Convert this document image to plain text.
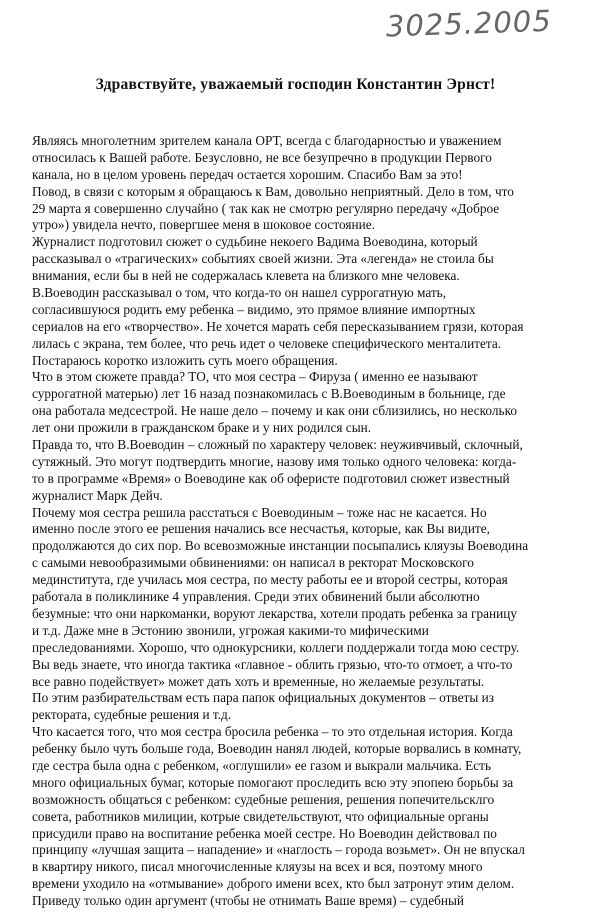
3025.2005
Здравствуйте, уважаемый господин Константин Эрнст!
Являясь многолетним зрителем канала ОРТ, всегда с благодарностью и уважением
относилась к Вашей работе. Безусловно, не все безупречно в продукции Первого
канала, но в целом уровень передач остается хорошим. Спасибо Вам за это!
Повод, в связи с которым я обращаюсь к Вам, довольно неприятный. Дело в том, что
29 марта я совершенно случайно ( так как не смотрю регулярно передачу «Доброе
утро») увидела нечто, повергшее меня в шоковое состояние.
Журналист подготовил сюжет о судьбине некоего Вадима Воеводина, который
рассказывал о «трагических» событиях своей жизни. Эта «легенда» не стоила бы
внимания, если бы в ней не содержалась клевета на близкого мне человека.
В.Воеводин рассказывал о том, что когда-то он нашел суррогатную мать,
согласившуюся родить ему ребенка – видимо, это прямое влияние импортных
сериалов на его «творчество». Не хочется марать себя пересказыванием грязи, которая
лилась с экрана, тем более, что речь идет о человеке специфического менталитета.
Постараюсь коротко изложить суть моего обращения.
Что в этом сюжете правда? ТО, что моя сестра – Фируза ( именно ее называют
суррогатной матерью) лет 16 назад познакомилась с В.Воеводиным в больнице, где
она работала медсестрой. Не наше дело – почему и как они сблизились, но несколько
лет они прожили в гражданском браке и у них родился сын.
Правда то, что В.Воеводин – сложный по характеру человек: неуживчивый, склочный,
сутяжный. Это могут подтвердить многие, назову имя только одного человека: когда-
то в программе «Время» о Воеводине как об оферисте подготовил сюжет известный
журналист Марк Дейч.
Почему моя сестра решила расстаться с Воеводиным – тоже нас не касается. Но
именно после этого ее решения начались все несчастья, которые, как Вы видите,
продолжаются до сих пор. Во всевозможные инстанции посыпались кляузы Воеводина
с самыми невообразимыми обвинениями: он написал в ректорат Московского
мединститута, где училась моя сестра, по месту работы ее и второй сестры, которая
работала в поликлинике 4 управления. Среди этих обвинений были абсолютно
безумные: что они наркоманки, воруют лекарства, хотели продать ребенка за границу
и т.д. Даже мне в Эстонию звонили, угрожая какими-то мифическими
преследованиями. Хорошо, что однокурсники, коллеги поддержали тогда мою сестру.
Вы ведь знаете, что иногда тактика «главное - облить грязью, что-то отмоет, а что-то
все равно подействует» может дать хоть и временные, но желаемые результаты.
По этим разбирательствам есть пара папок официальных документов – ответы из
ректората, судебные решения и т.д.
Что касается того, что моя сестра бросила ребенка – то это отдельная история. Когда
ребенку было чуть больше года, Воеводин нанял людей, которые ворвались в комнату,
где сестра была одна с ребенком, «оглушили» ее газом и выкрали мальчика. Есть
много официальных бумаг, которые помогают проследить всю эту эпопею борьбы за
возможность общаться с ребенком: судебные решения, решения попечительсклго
совета, работников милиции, котрые свидетельствуют, что официальные органы
присудили право на воспитание ребенка моей сестре. Но Воеводин действовал по
принципу «лучшая защита – нападение» и «наглость – города возьмет». Он не впускал
в квартиру никого, писал многочисленные кляузы на всех и вся, поэтому много
времени уходило на «отмывание» доброго имени всех, кто был затронут этим делом.
Приведу только один аргумент (чтобы не отнимать Ваше время) – судебный
